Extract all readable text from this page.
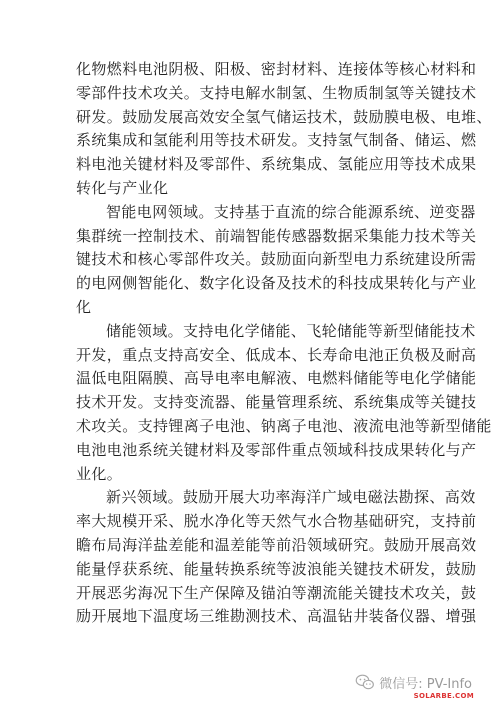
化物燃料电池阴极、阳极、密封材料、连接体等核心材料和
零部件技术攻关。支持电解水制氢、生物质制氢等关键技术
研发。鼓励发展高效安全氢气储运技术，鼓励膜电极、电堆、
系统集成和氢能利用等技术研发。支持氢气制备、储运、燃
料电池关键材料及零部件、系统集成、氢能应用等技术成果
转化与产业化
智能电网领域。支持基于直流的综合能源系统、逆变器
集群统一控制技术、前端智能传感器数据采集能力技术等关
键技术和核心零部件攻关。鼓励面向新型电力系统建设所需
的电网侧智能化、数字化设备及技术的科技成果转化与产业
化
储能领域。支持电化学储能、飞轮储能等新型储能技术
开发，重点支持高安全、低成本、长寿命电池正负极及耐高
温低电阻隔膜、高导电率电解液、电燃料储能等电化学储能
技术开发。支持变流器、能量管理系统、系统集成等关键技
术攻关。支持锂离子电池、钠离子电池、液流电池等新型储能
电池电池系统关键材料及零部件重点领域科技成果转化与产
业化。
新兴领域。鼓励开展大功率海洋广域电磁法勘探、高效
率大规模开采、脱水净化等天然气水合物基础研究，支持前
瞻布局海洋盐差能和温差能等前沿领域研究。鼓励开展高效
能量俘获系统、能量转换系统等波浪能关键技术研发，鼓励
开展恶劣海况下生产保障及锚泊等潮流能关键技术攻关，鼓
励开展地下温度场三维勘测技术、高温钻井装备仪器、增强
微信号: PV-Info
SOLARBE.COM
